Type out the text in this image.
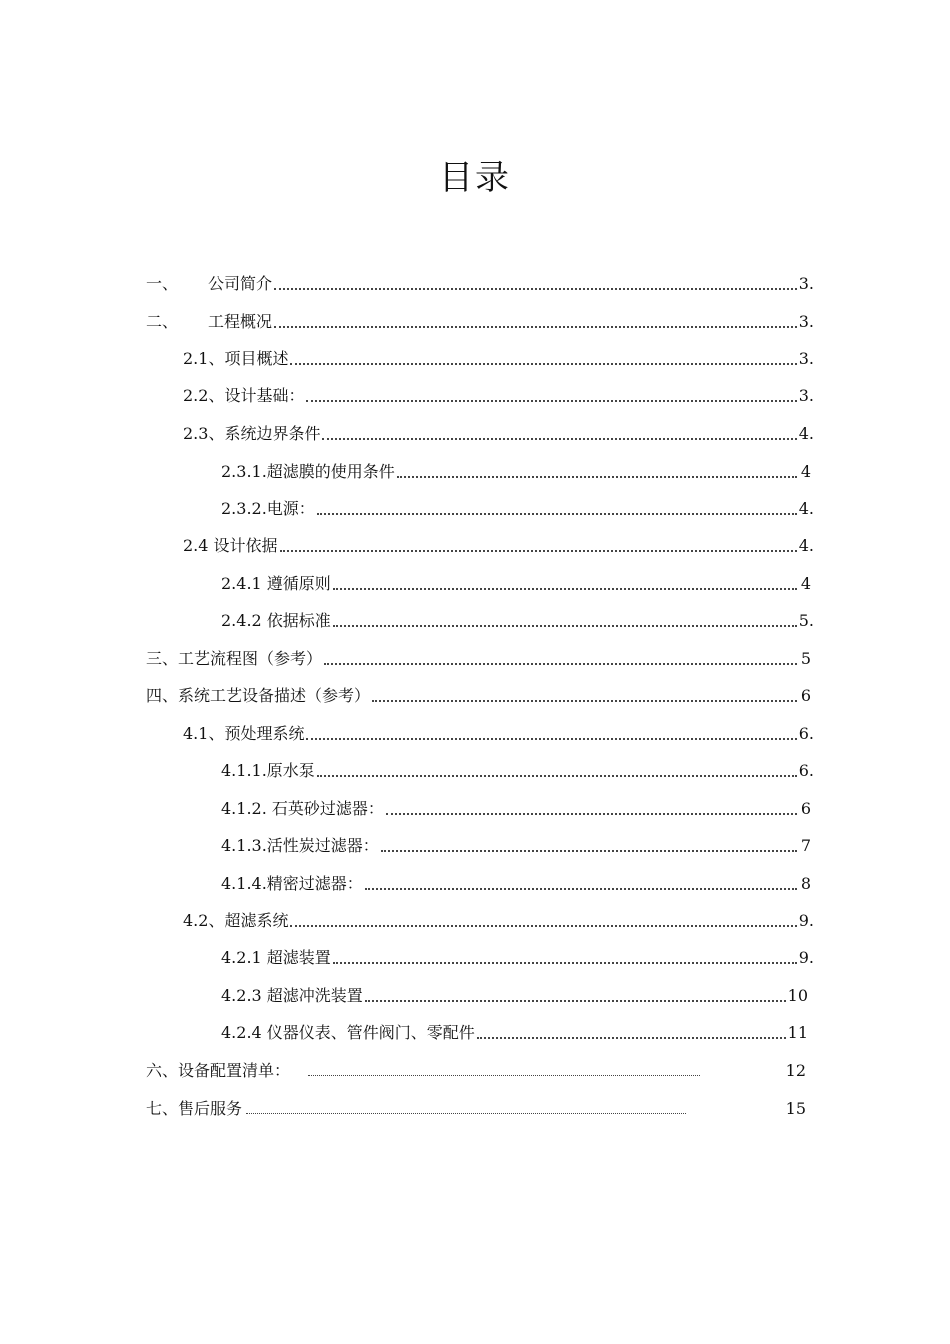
目录
一、 公司简介	3.
二、 工程概况	3.
2.1、项目概述	3.
2.2、设计基础：	3.
2.3、系统边界条件	4.
2.3.1.超滤膜的使用条件	4
2.3.2.电源：	4.
2.4 设计依据	4.
2.4.1 遵循原则	4
2.4.2 依据标准	5.
三、工艺流程图（参考）	5
四、系统工艺设备描述（参考）	6
4.1、预处理系统	6.
4.1.1.原水泵	6.
4.1.2. 石英砂过滤器：	6
4.1.3.活性炭过滤器：	7
4.1.4.精密过滤器：	8
4.2、超滤系统	9.
4.2.1 超滤装置	9.
4.2.3 超滤冲洗装置	10
4.2.4 仪器仪表、管件阀门、零配件	11
六、设备配置清单：	12
七、售后服务	15
